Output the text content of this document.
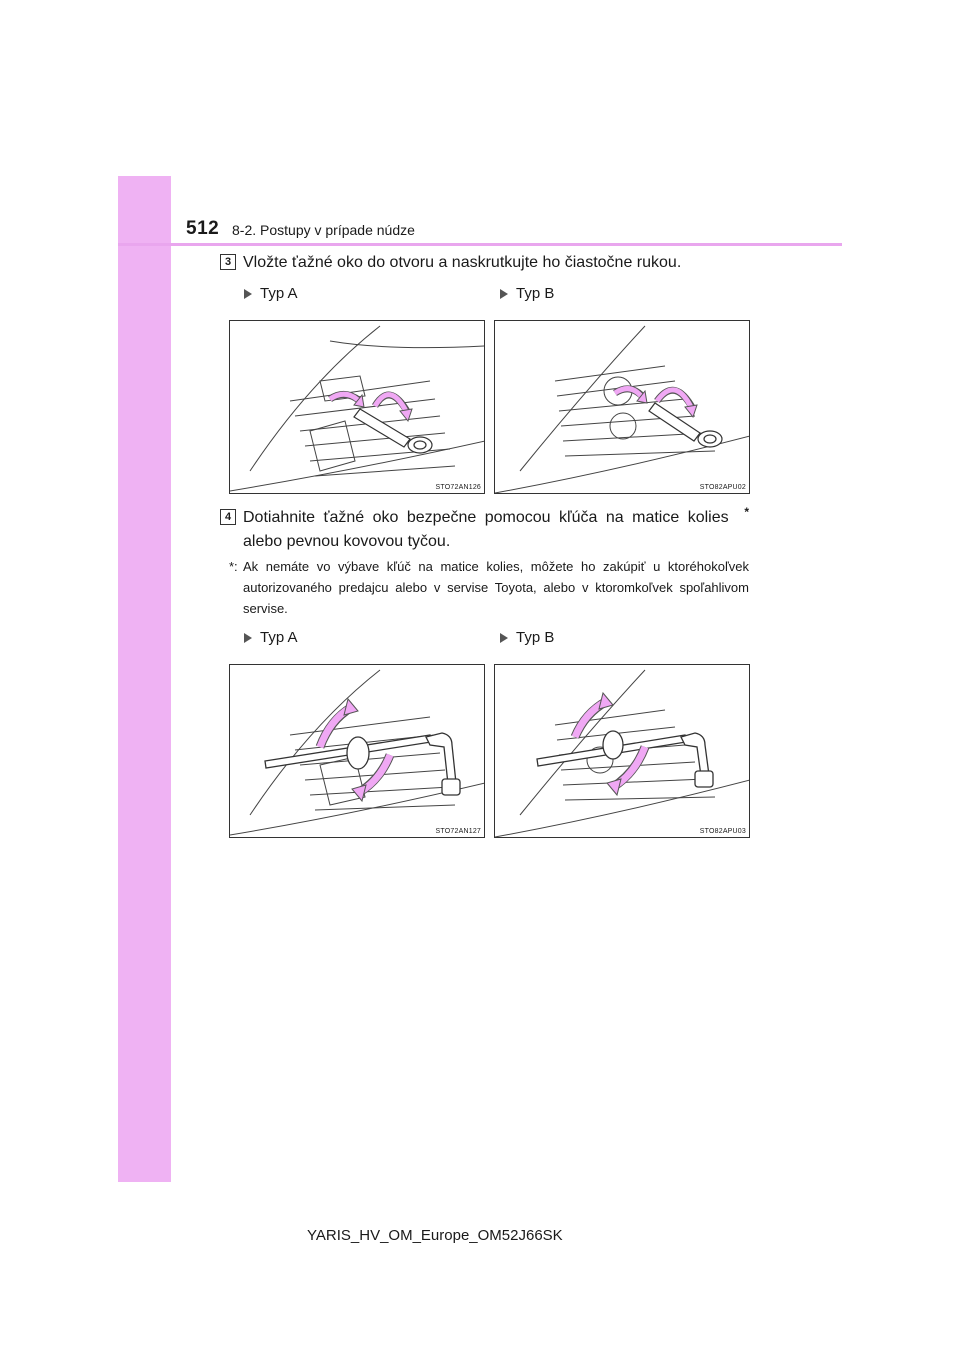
512 8-2. Postupy v prípade núdze
3 Vložte ťažné oko do otvoru a naskrutkujte ho čiastočne rukou.
Typ A	Typ B
STO72AN126	STO82APU02
4 Dotiahnite ťažné oko bezpečne pomocou kľúča na matice kolies *
alebo pevnou kovovou tyčou.
*: Ak nemáte vo výbave kľúč na matice kolies, môžete ho zakúpiť u ktoréhokoľvek autorizovaného predajcu alebo v servise Toyota, alebo v ktoromkoľvek spoľahlivom servise.
Typ A	Typ B
STO72AN127	STO82APU03
YARIS_HV_OM_Europe_OM52J66SK
